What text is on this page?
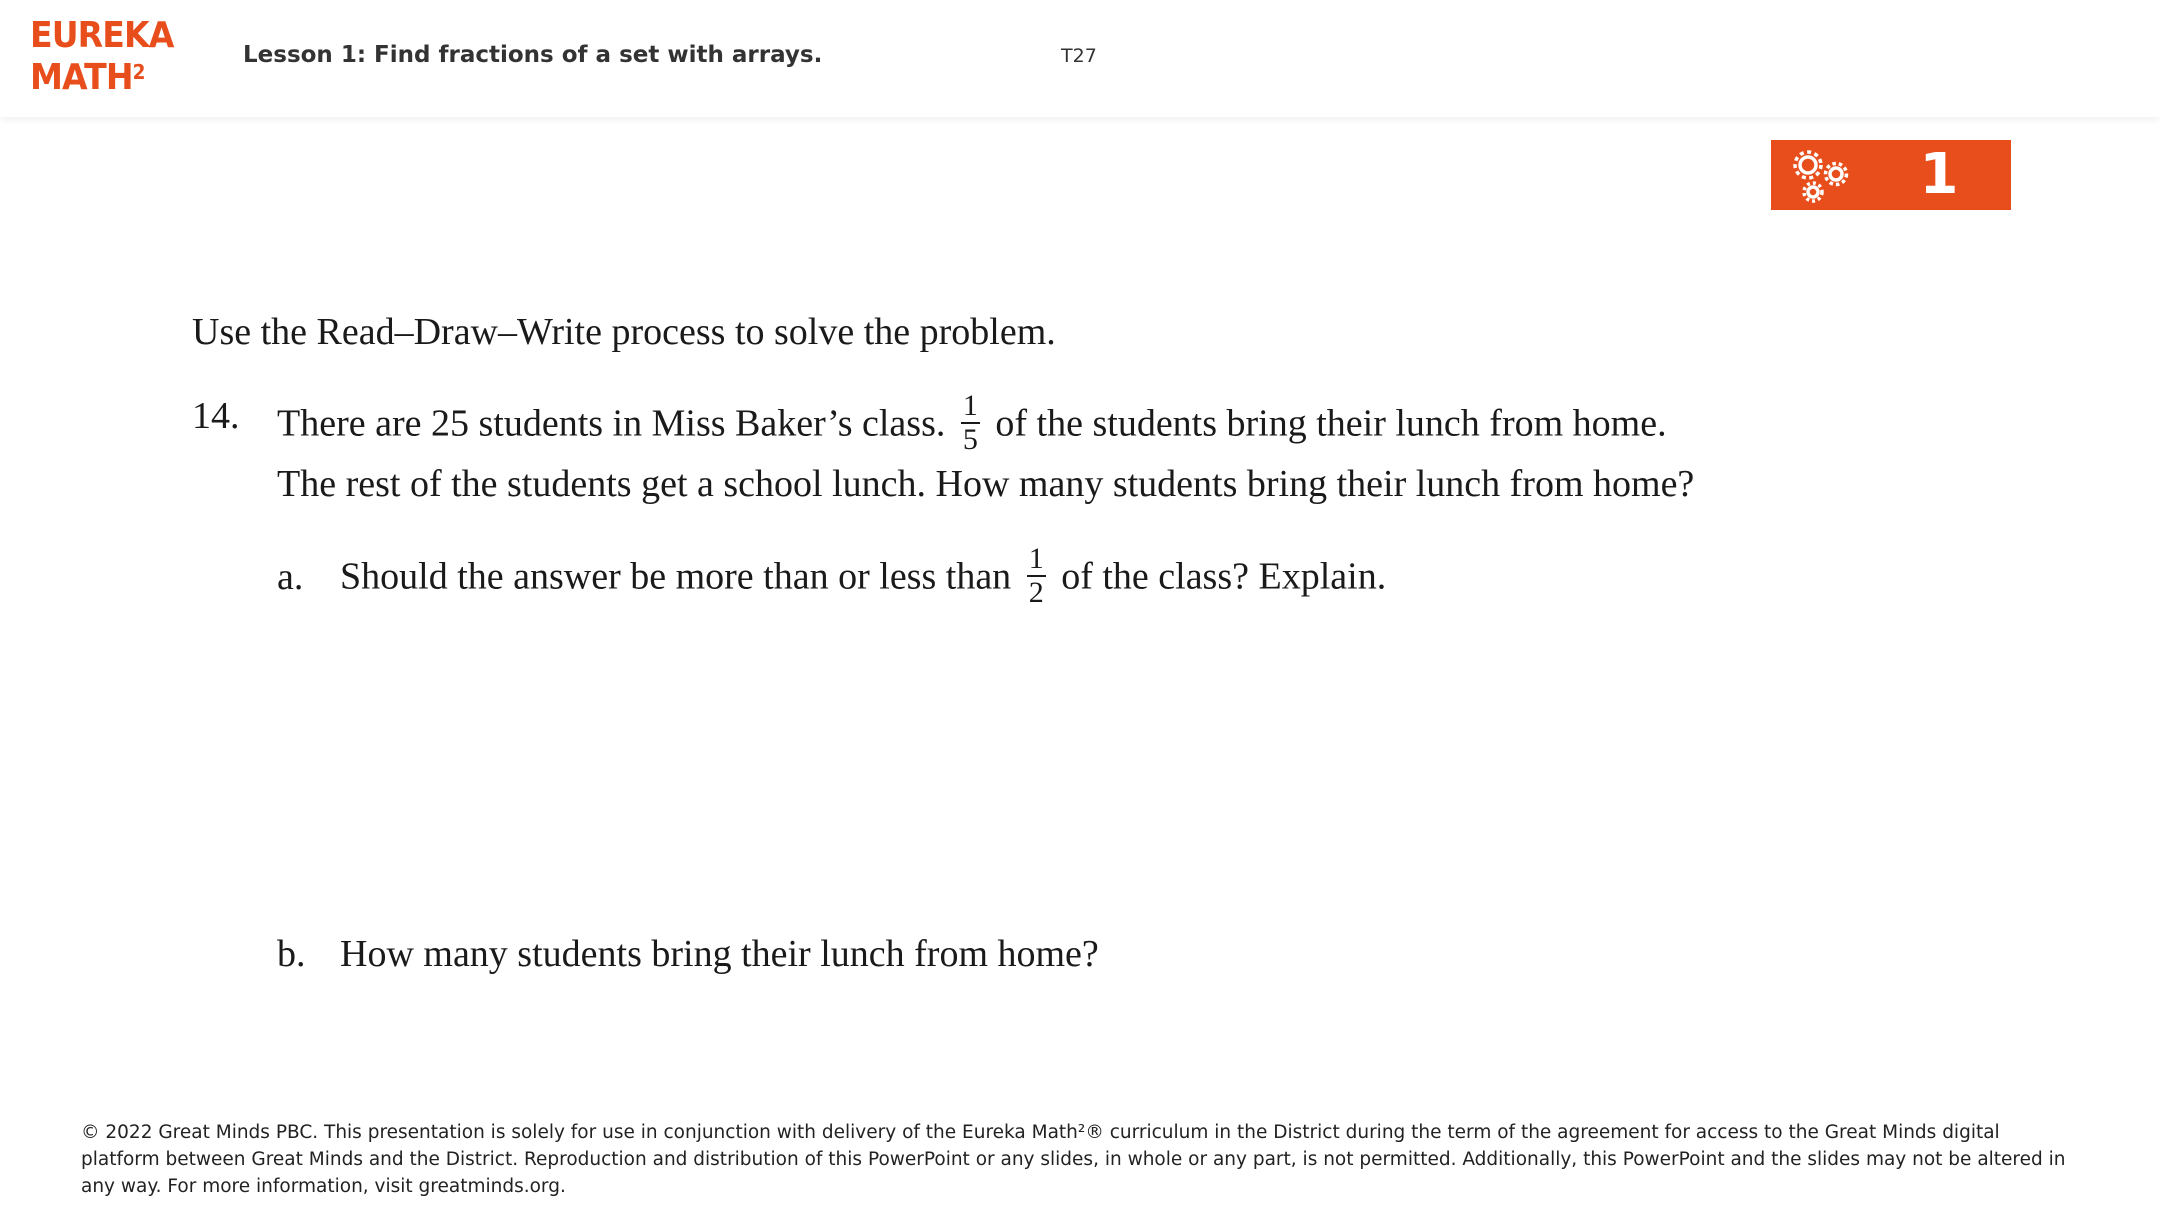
EUREKA
MATH$^2$
Lesson 1: Find fractions of a set with arrays.	T27
1
Use the Read–Draw–Write process to solve the problem.
14. There are 25 students in Miss Baker’s class. $\frac{1}{5}$ of the students bring their lunch from home.
The rest of the students get a school lunch. How many students bring their lunch from home?
a. Should the answer be more than or less than $\frac{1}{2}$ of the class? Explain.
b. How many students bring their lunch from home?
© 2022 Great Minds PBC. This presentation is solely for use in conjunction with delivery of the Eureka Math²® curriculum in the District during the term of the agreement for access to the Great Minds digital platform between Great Minds and the District. Reproduction and distribution of this PowerPoint or any slides, in whole or any part, is not permitted. Additionally, this PowerPoint and the slides may not be altered in any way. For more information, visit greatminds.org.
